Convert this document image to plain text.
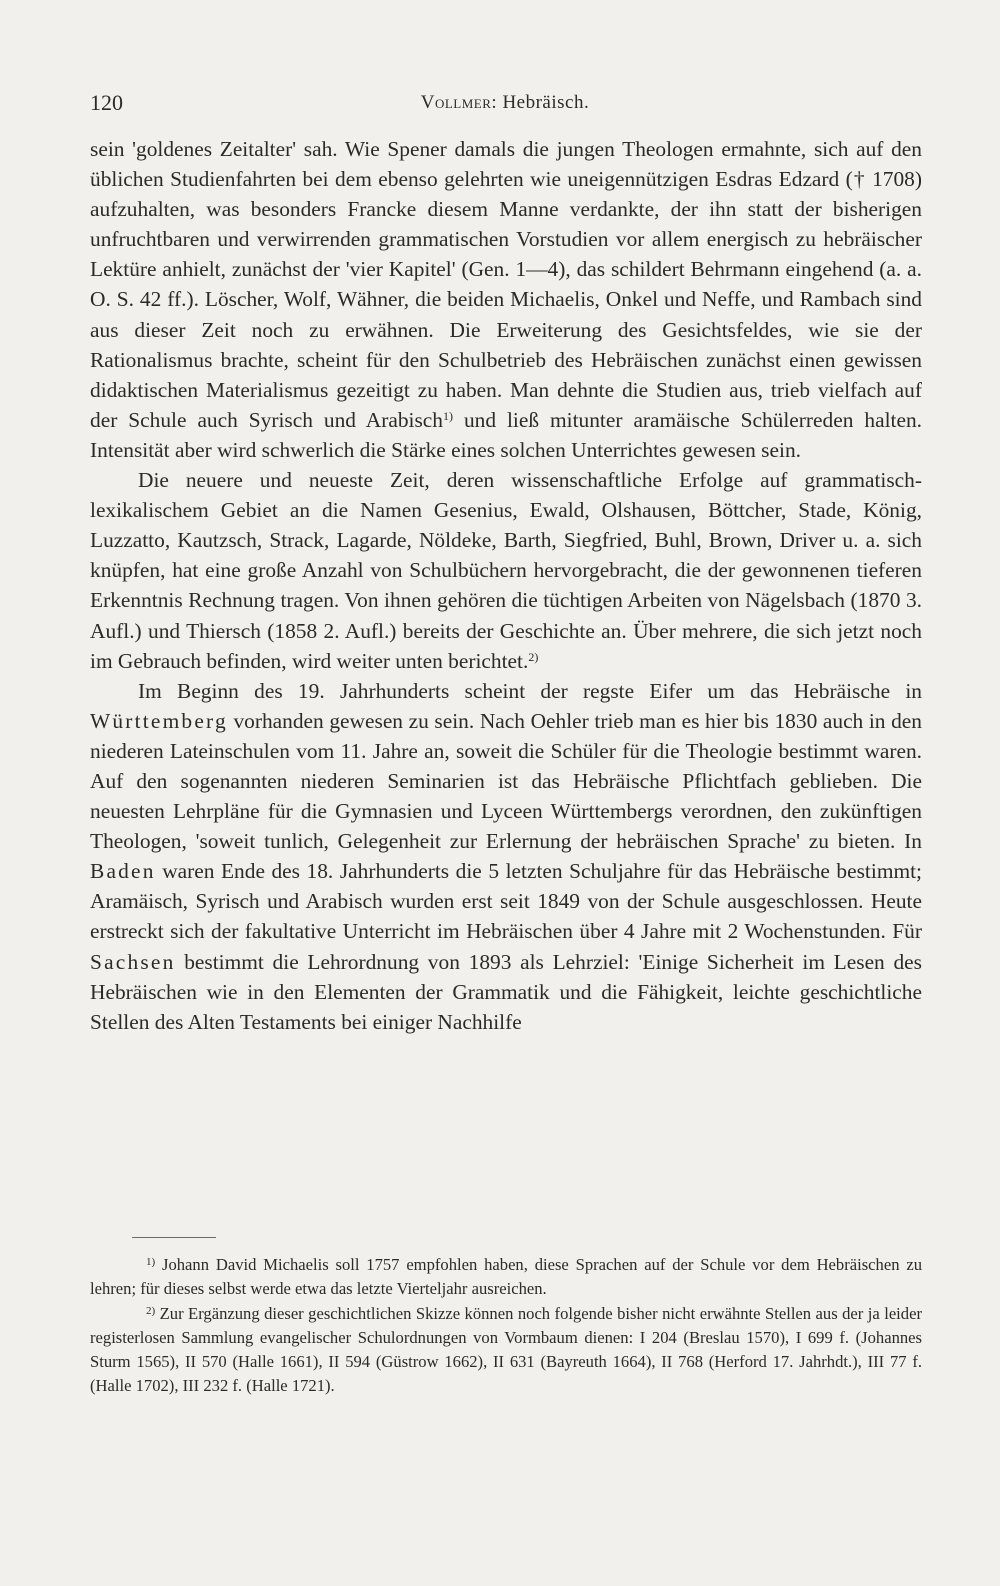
120	Vollmer: Hebräisch.

sein 'goldenes Zeitalter' sah. Wie Spener damals die jungen Theologen ermahnte, sich auf den üblichen Studienfahrten bei dem ebenso gelehrten wie uneigennützigen Esdras Edzard († 1708) aufzuhalten, was besonders Francke diesem Manne verdankte, der ihn statt der bisherigen unfruchtbaren und verwirrenden grammatischen Vorstudien vor allem energisch zu hebräischer Lektüre anhielt, zunächst der 'vier Kapitel' (Gen. 1—4), das schildert Behrmann eingehend (a. a. O. S. 42 ff.). Löscher, Wolf, Wähner, die beiden Michaelis, Onkel und Neffe, und Rambach sind aus dieser Zeit noch zu erwähnen. Die Erweiterung des Gesichtsfeldes, wie sie der Rationalismus brachte, scheint für den Schulbetrieb des Hebräischen zunächst einen gewissen didaktischen Materialismus gezeitigt zu haben. Man dehnte die Studien aus, trieb vielfach auf der Schule auch Syrisch und Arabisch$^{1)}$ und ließ mitunter aramäische Schülerreden halten. Intensität aber wird schwerlich die Stärke eines solchen Unterrichtes gewesen sein.

Die neuere und neueste Zeit, deren wissenschaftliche Erfolge auf grammatisch-lexikalischem Gebiet an die Namen Gesenius, Ewald, Olshausen, Böttcher, Stade, König, Luzzatto, Kautzsch, Strack, Lagarde, Nöldeke, Barth, Siegfried, Buhl, Brown, Driver u. a. sich knüpfen, hat eine große Anzahl von Schulbüchern hervorgebracht, die der gewonnenen tieferen Erkenntnis Rechnung tragen. Von ihnen gehören die tüchtigen Arbeiten von Nägelsbach (1870 3. Aufl.) und Thiersch (1858 2. Aufl.) bereits der Geschichte an. Über mehrere, die sich jetzt noch im Gebrauch befinden, wird weiter unten berichtet.$^{2)}$

Im Beginn des 19. Jahrhunderts scheint der regste Eifer um das Hebräische in Württemberg vorhanden gewesen zu sein. Nach Oehler trieb man es hier bis 1830 auch in den niederen Lateinschulen vom 11. Jahre an, soweit die Schüler für die Theologie bestimmt waren. Auf den sogenannten niederen Seminarien ist das Hebräische Pflichtfach geblieben. Die neuesten Lehrpläne für die Gymnasien und Lyceen Württembergs verordnen, den zukünftigen Theologen, 'soweit tunlich, Gelegenheit zur Erlernung der hebräischen Sprache' zu bieten. In Baden waren Ende des 18. Jahrhunderts die 5 letzten Schuljahre für das Hebräische bestimmt; Aramäisch, Syrisch und Arabisch wurden erst seit 1849 von der Schule ausgeschlossen. Heute erstreckt sich der fakultative Unterricht im Hebräischen über 4 Jahre mit 2 Wochenstunden. Für Sachsen bestimmt die Lehrordnung von 1893 als Lehrziel: 'Einige Sicherheit im Lesen des Hebräischen wie in den Elementen der Grammatik und die Fähigkeit, leichte geschichtliche Stellen des Alten Testaments bei einiger Nachhilfe

$^{1)}$ Johann David Michaelis soll 1757 empfohlen haben, diese Sprachen auf der Schule vor dem Hebräischen zu lehren; für dieses selbst werde etwa das letzte Vierteljahr ausreichen.

$^{2)}$ Zur Ergänzung dieser geschichtlichen Skizze können noch folgende bisher nicht erwähnte Stellen aus der ja leider registerlosen Sammlung evangelischer Schulordnungen von Vormbaum dienen: I 204 (Breslau 1570), I 699 f. (Johannes Sturm 1565), II 570 (Halle 1661), II 594 (Güstrow 1662), II 631 (Bayreuth 1664), II 768 (Herford 17. Jahrhdt.), III 77 f. (Halle 1702), III 232 f. (Halle 1721).
